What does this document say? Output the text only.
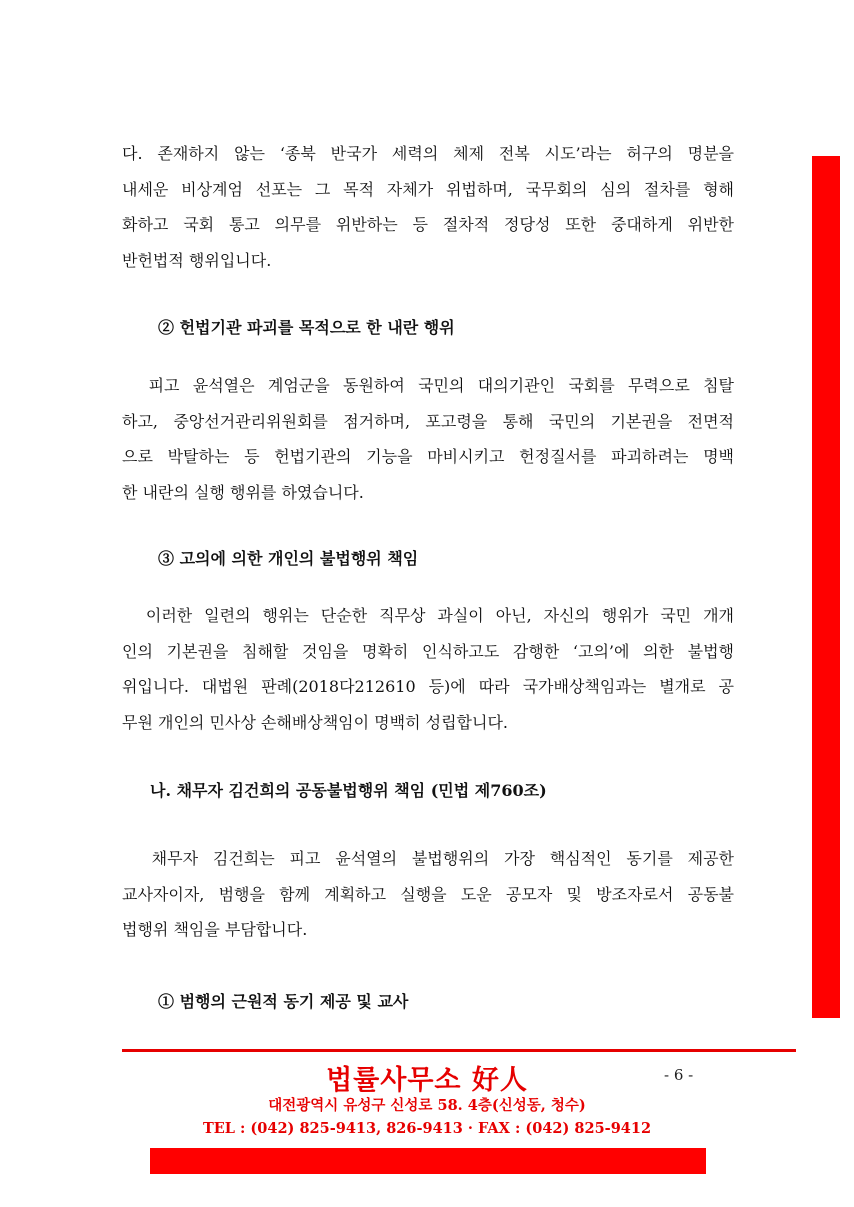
다. 존재하지 않는 ‘종북 반국가 세력의 체제 전복 시도’라는 허구의 명분을
내세운 비상계엄 선포는 그 목적 자체가 위법하며, 국무회의 심의 절차를 형해
화하고 국회 통고 의무를 위반하는 등 절차적 정당성 또한 중대하게 위반한
반헌법적 행위입니다.
② 헌법기관 파괴를 목적으로 한 내란 행위
피고 윤석열은 계엄군을 동원하여 국민의 대의기관인 국회를 무력으로 침탈
하고, 중앙선거관리위원회를 점거하며, 포고령을 통해 국민의 기본권을 전면적
으로 박탈하는 등 헌법기관의 기능을 마비시키고 헌정질서를 파괴하려는 명백
한 내란의 실행 행위를 하였습니다.
③ 고의에 의한 개인의 불법행위 책임
이러한 일련의 행위는 단순한 직무상 과실이 아닌, 자신의 행위가 국민 개개
인의 기본권을 침해할 것임을 명확히 인식하고도 감행한 ‘고의’에 의한 불법행
위입니다. 대법원 판례(2018다212610 등)에 따라 국가배상책임과는 별개로 공
무원 개인의 민사상 손해배상책임이 명백히 성립합니다.
나. 채무자 김건희의 공동불법행위 책임 (민법 제760조)
채무자 김건희는 피고 윤석열의 불법행위의 가장 핵심적인 동기를 제공한
교사자이자, 범행을 함께 계획하고 실행을 도운 공모자 및 방조자로서 공동불
법행위 책임을 부담합니다.
① 범행의 근원적 동기 제공 및 교사
법률사무소 好人	- 6 -
대전광역시 유성구 신성로 58. 4층(신성동, 청수)
TEL : (042) 825-9413, 826-9413 · FAX : (042) 825-9412
